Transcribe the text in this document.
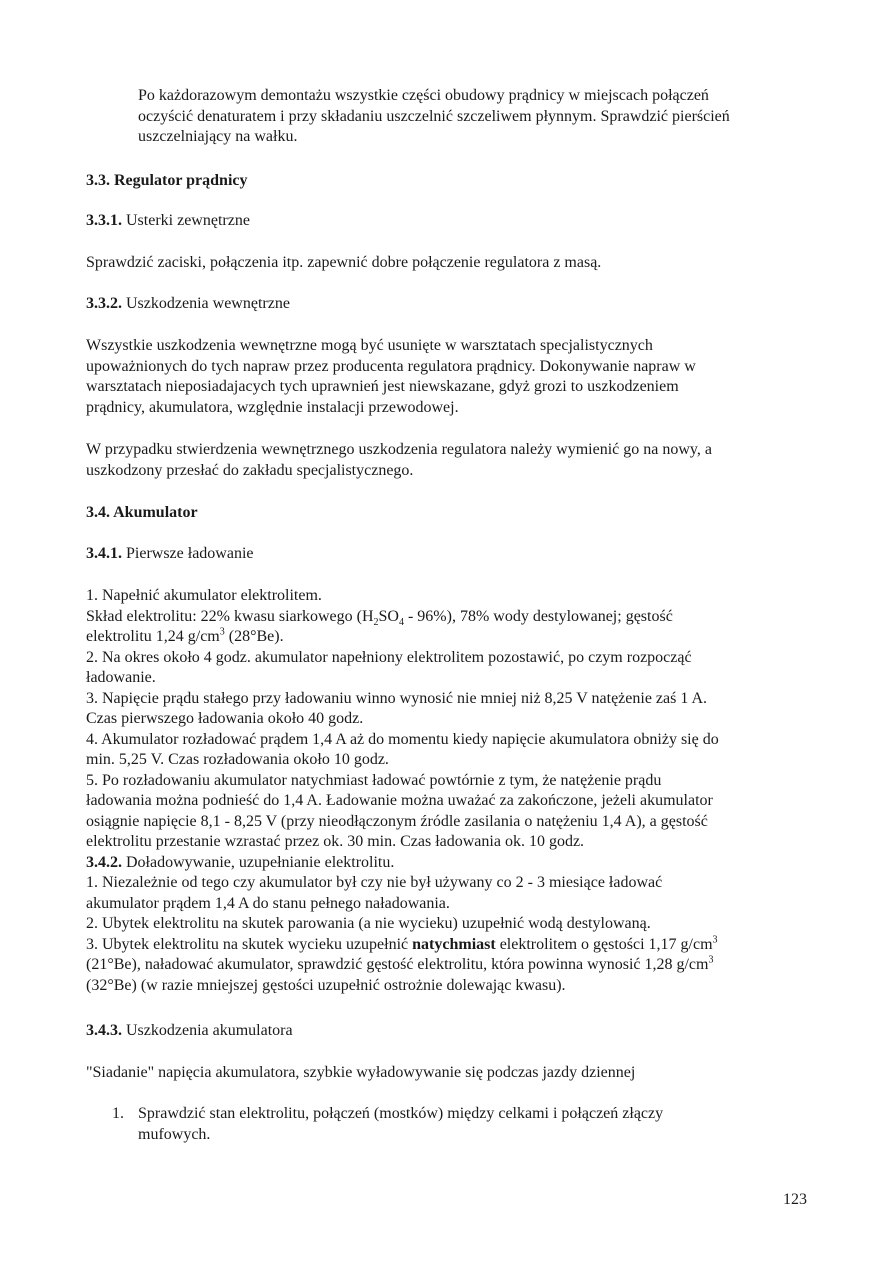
Po każdorazowym demontażu wszystkie części obudowy prądnicy w miejscach połączeń
oczyścić denaturatem i przy składaniu uszczelnić szczeliwem płynnym. Sprawdzić pierścień
uszczelniający na wałku.

3.3. Regulator prądnicy

3.3.1. Usterki zewnętrzne

Sprawdzić zaciski, połączenia itp. zapewnić dobre połączenie regulatora z masą.

3.3.2. Uszkodzenia wewnętrzne

Wszystkie uszkodzenia wewnętrzne mogą być usunięte w warsztatach specjalistycznych
upoważnionych do tych napraw przez producenta regulatora prądnicy. Dokonywanie napraw w
warsztatach nieposiadajacych tych uprawnień jest niewskazane, gdyż grozi to uszkodzeniem
prądnicy, akumulatora, względnie instalacji przewodowej.

W przypadku stwierdzenia wewnętrznego uszkodzenia regulatora należy wymienić go na nowy, a
uszkodzony przesłać do zakładu specjalistycznego.

3.4. Akumulator

3.4.1. Pierwsze ładowanie

1. Napełnić akumulator elektrolitem.
Skład elektrolitu: 22% kwasu siarkowego $(H_2SO_4 - 96\%)$, 78% wody destylowanej; gęstość
elektrolitu 1,24 $g/cm^3$ (28°Be).
2. Na okres około 4 godz. akumulator napełniony elektrolitem pozostawić, po czym rozpocząć
ładowanie.
3. Napięcie prądu stałego przy ładowaniu winno wynosić nie mniej niż 8,25 V natężenie zaś 1 A.
Czas pierwszego ładowania około 40 godz.
4. Akumulator rozładować prądem 1,4 A aż do momentu kiedy napięcie akumulatora obniży się do
min. 5,25 V. Czas rozładowania około 10 godz.
5. Po rozładowaniu akumulator natychmiast ładować powtórnie z tym, że natężenie prądu
ładowania można podnieść do 1,4 A. Ładowanie można uważać za zakończone, jeżeli akumulator
osiągnie napięcie 8,1 - 8,25 V (przy nieodłączonym źródle zasilania o natężeniu 1,4 A), a gęstość
elektrolitu przestanie wzrastać przez ok. 30 min. Czas ładowania ok. 10 godz.
3.4.2. Doładowywanie, uzupełnianie elektrolitu.
1. Niezależnie od tego czy akumulator był czy nie był używany co 2 - 3 miesiące ładować
akumulator prądem 1,4 A do stanu pełnego naładowania.
2. Ubytek elektrolitu na skutek parowania (a nie wycieku) uzupełnić wodą destylowaną.
3. Ubytek elektrolitu na skutek wycieku uzupełnić natychmiast elektrolitem o gęstości 1,17 $g/cm^3$
(21°Be), naładować akumulator, sprawdzić gęstość elektrolitu, która powinna wynosić 1,28 $g/cm^3$
(32°Be) (w razie mniejszej gęstości uzupełnić ostrożnie dolewając kwasu).

3.4.3. Uszkodzenia akumulatora

"Siadanie" napięcia akumulatora, szybkie wyładowywanie się podczas jazdy dziennej

1. Sprawdzić stan elektrolitu, połączeń (mostków) między celkami i połączeń złączy
mufowych.

123
